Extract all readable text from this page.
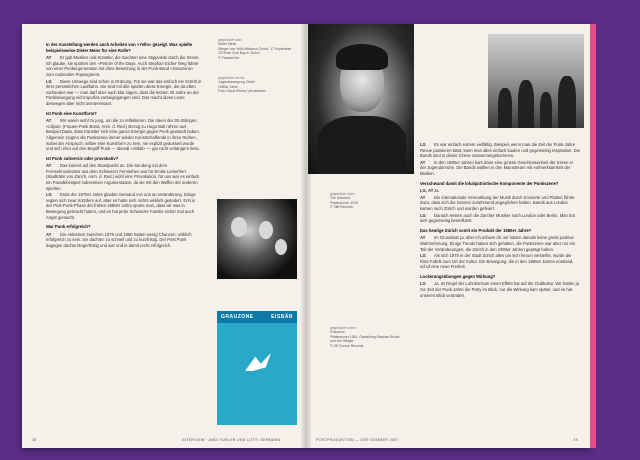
In der Ausstellung werden auch Arbeiten von «Yello» gezeigt. Was spielte beispielsweise Dieter Meier für eine Rolle?
AT Er gab Musiker und Künstler, die machten eine Stippvisite durch die Szene. Ich glaube, sie spürten den «Petrol» of the Days. Auch Stephan Eicher Weg führte von einer Punkergeneration mit ohne Besetzung in der Punk-Band «Grauzone» zum nationalen Popsegment.
LG Diese Umwege sind schon in Ordnung. Für sie war das einfach ein Schritt in ihrer persönlichen Laufbahn. Sie sind mit alle spürten diese Energie, die da eben vorhanden war — man darf aber auch klar sagen, dass die letzten 30 Jahre an der Punkbewegung nicht spurlos vorbeigegangen sind. Das macht diese Leute deswegen aber nicht uninteressant.
Ist Punk eine Kunstform?
AT Wir waren wohl zu jung, um die zu reflektieren. Die Ideen der 30-Jährigen, «Liliput» (Frauen-Punk Band, Anm. d. Red.) Bezug zu Hugo Ball rühren aus Beispiel Dada, dass Künstler sich eine ganze Energie gegen Punk gewandt haben. Allgemein zeigten die Punkszene immer wieder Kunstschaffende in ihren Reihen, wobei der Anspruch, selber eine Kunstform zu sein, nie explizit geäussert wurde und sich eher auf den Begriff Punk — überall «Abfall» — gar nicht verlängern liess.
Ist Punk subversiv oder provokativ?
AT Das kommt auf den Standpunkt an. Die Sendung mit dem Fernsehmoderator aus dem Schweizer Fernsehen war für Emilie Lieberherr (Stadträtin von Zürich, Anm. d. Red.) wohl eine Provokation, für uns war es einfach ein Paradebeispiel subversiver Argumentation, da sie mit den Waffen der anderen spielten.
LG Ende der 1970er Jahre glaubte niemand von uns an Veränderung. Einige regten sich zwar trotzdem auf, aber es hatte sich nichts wirklich geändert. Erst in der Post-Punk-Phase der frühen 1980er Jahre spürte man, dass wir was in Bewegung gebracht hatten, und es hat jeder Schweizer Familie sicher mal auch Angst gemacht.
War Punk erfolgreich?
AT Die Aktivisten zwischen 1976 und 1980 hatten wenig Chancen, wirklich erfolgreich zu sein. Sie dachten zu schnell und zu kurzfristig. Der Post Punk dagegen dachte längerfristig und war und in damit recht erfolgreich.
gegenüber links
Dieter Meier
Sänger von Yello Mittwoch Comic, 17 September 1978 bei Club Bay in Zürich
© Privatarchiv
gegenüber rechts
Jugendbewegung Zürich
1980er Jahre
Foto: Klaus Rózsa / privatarchiv
GRAUZONE	EISBÄR
38	INTERVIEW · ANDI TÜRLER UND LOTTI GERMANN
gegenüber oben
The Damned
Plattencover, 1976
© Stiff Records
gegenüber unten
Grauzone
Plattencover 1981, Gestaltung Stephan Eicher und Urs Steiger
© Off Course Records
LG Es war einfach extrem vielfältig. Beispiel, wenn man die Zeit der Punk-Jahre Revue passieren lässt, kann man alles einfach kaufen und gegenseitig Inspiration. Die Bands sind in dieser Szene zusammengekommen.
AT In den 1980er Jahren kam dann eine grosse Geschlossenheit der Szene in der Jugendunruhe. Die Bands wollten in den Mainstream mit Aufmerksamkeit der Medien.
Verschwand damit die lokalpatriotische Komponente der Punkszene?
LG, ATJa.
AT Die internationale Vermarktung der Musik durch Konzerte und Platten führte dazu, dass sich die Szenen zunehmend angeglichen haben. Bands aus London kamen nach Zürich und wurden gefeiert.
LG Danach reisten auch die Zürcher Musiker nach London oder Berlin. Man hat sich gegenseitig beeinflusst.
Das heutige Zürich somit ein Produkt der 1980er Jahre?
AT Im Grundsatz ja, aber ich schwör dir, wir hatten damals keine gross positive Wahrnehmung. Einige Trends haben sich gehalten, die Punkszene war aber nur ein Teil der Veränderungen, die Zürich in den 1980er Jahren geprägt haben.
LG Als sich 1970 in der Stadt Zürich alles um sich herum versteifte, wurde die Rote Fabrik zum Ort der Kultur. Die Bewegung, die in den 1980er Jahren entstand, schuf eine neue Freiheit.
Lockerungsübungen gegen Wirkung?
LG Ja, ist Regel der Lohnkonsum einen Effekt hat auf die Clubkultur. Wir hatten ja zur Zeit der Punk-Jahre die Party im Blick, nur die Wirkung kam später, und es hat unseren Blick verändert.
POSTPRODUKTION — DER SOMMER 2007	39
